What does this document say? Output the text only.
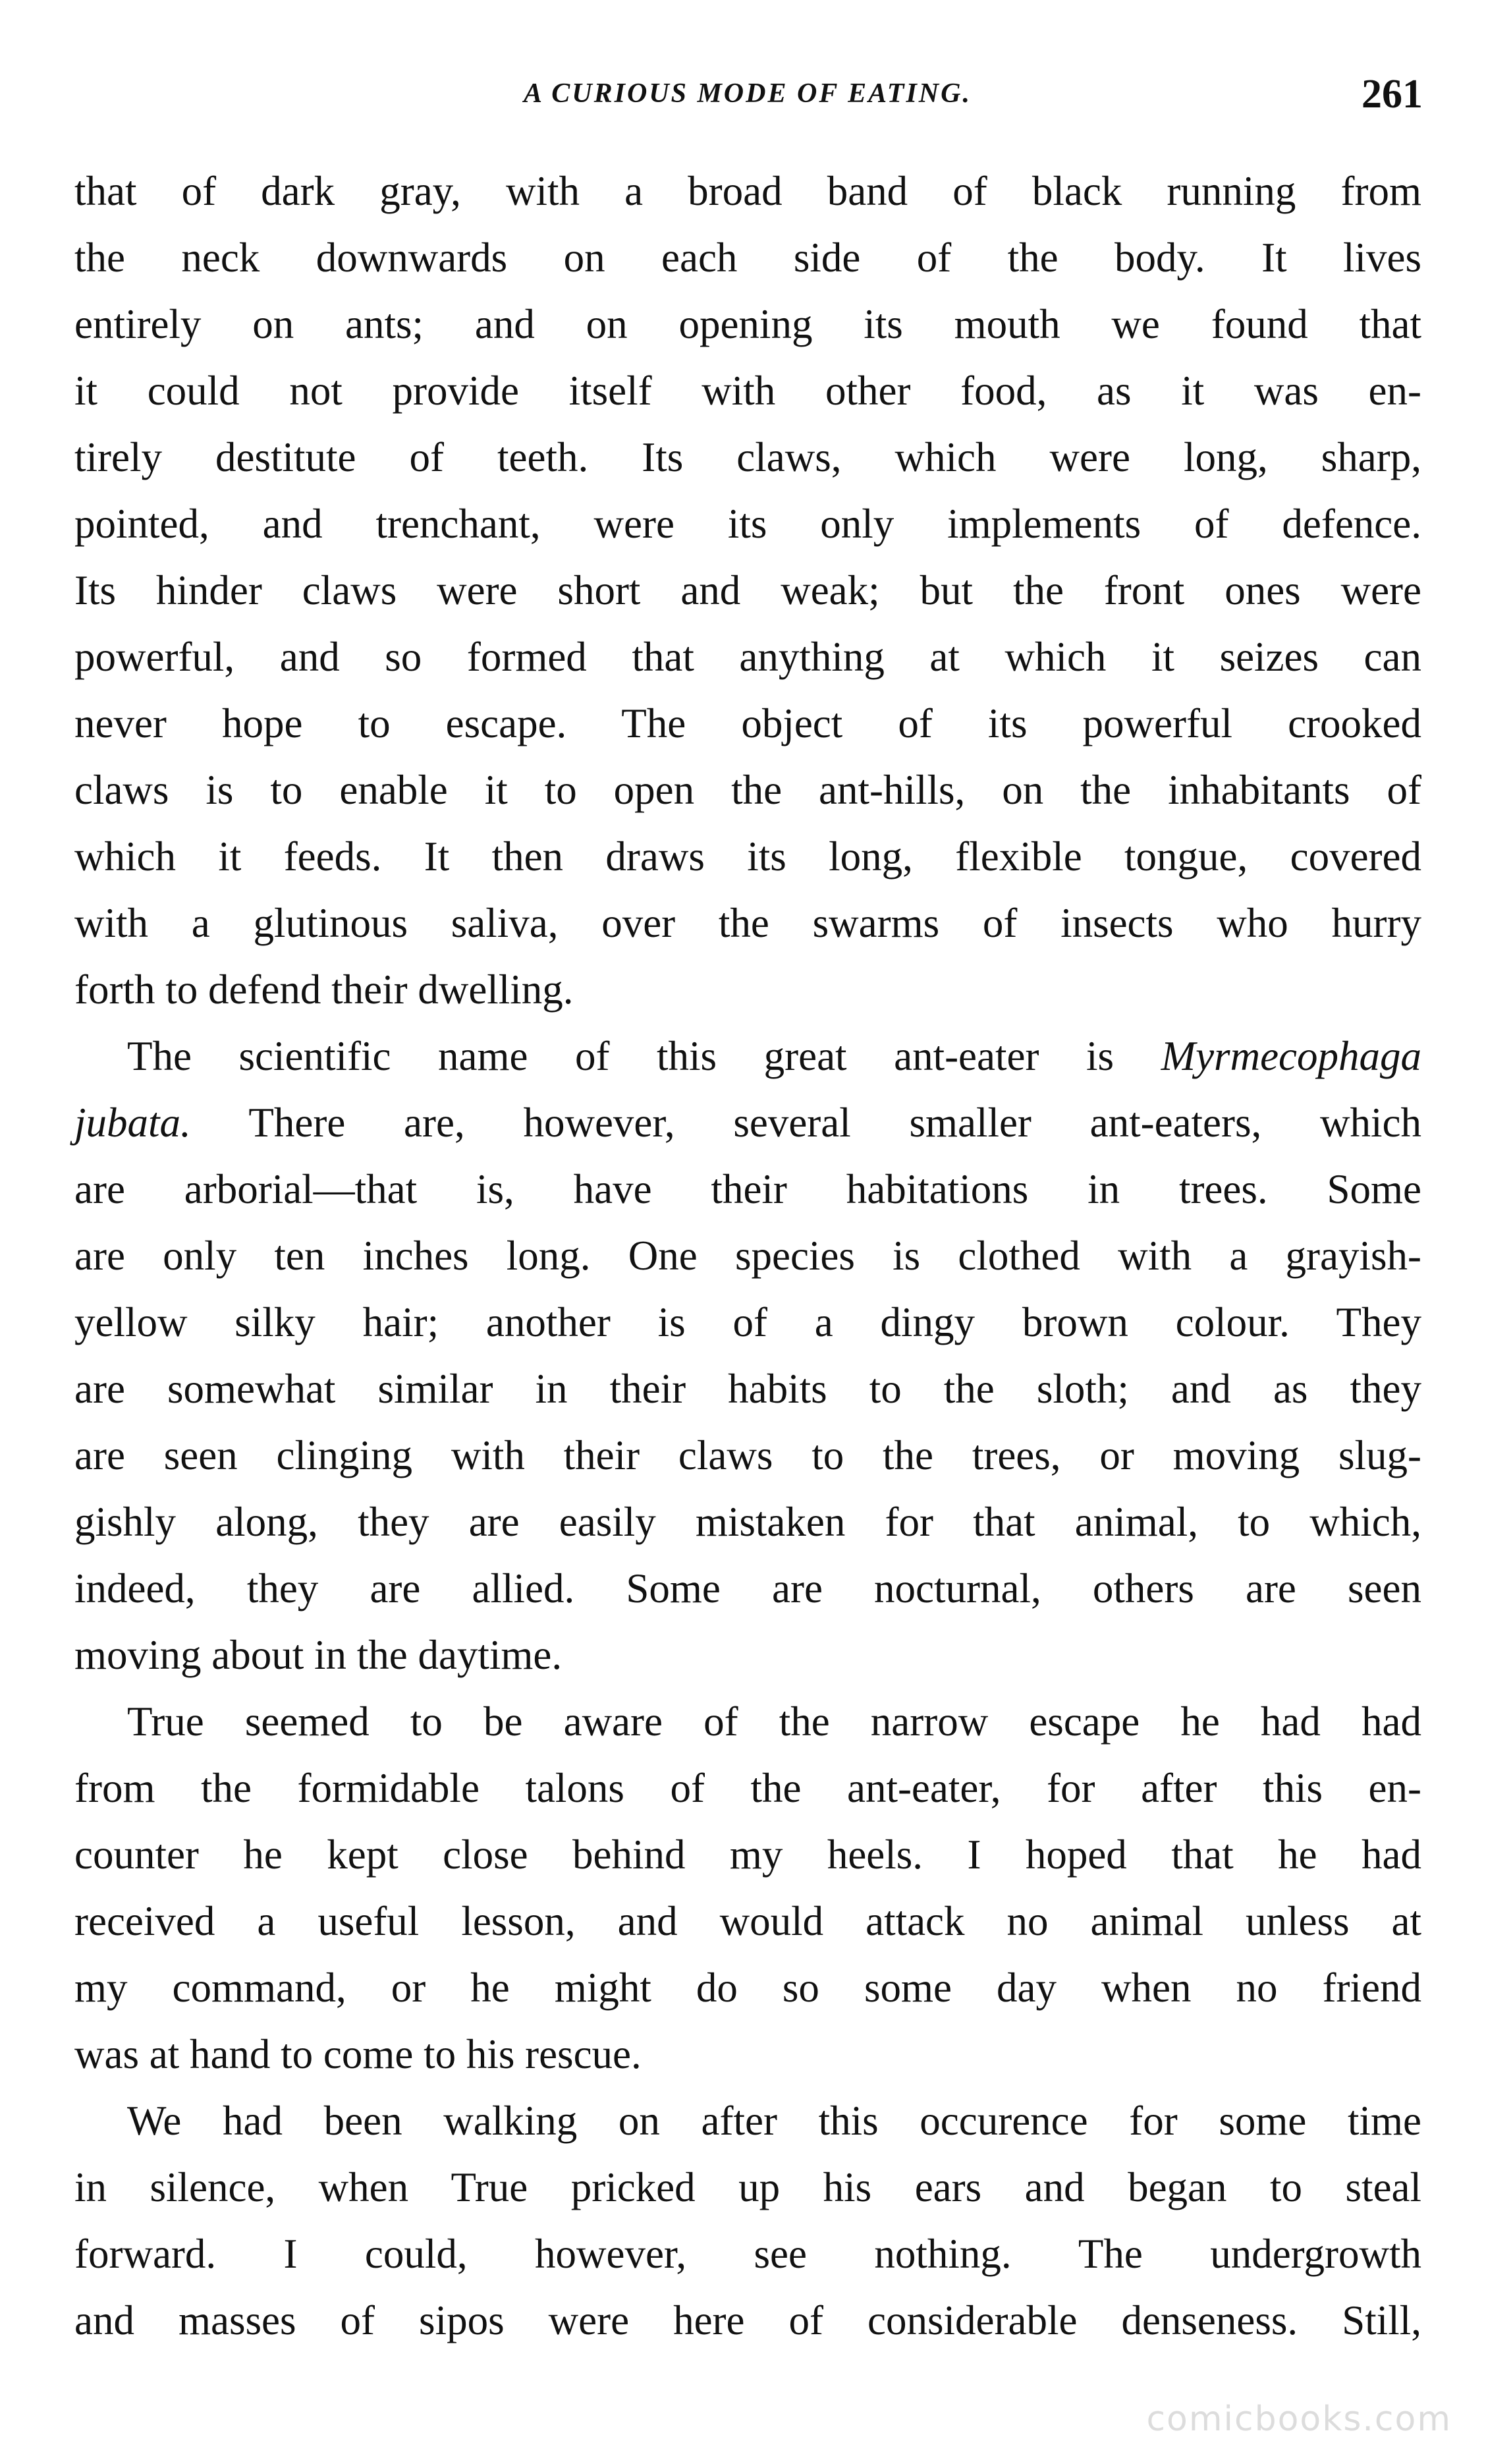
A CURIOUS MODE OF EATING.	261
that of dark gray, with a broad band of black running from
the neck downwards on each side of the body. It lives
entirely on ants; and on opening its mouth we found that
it could not provide itself with other food, as it was en-
tirely destitute of teeth. Its claws, which were long, sharp,
pointed, and trenchant, were its only implements of defence.
Its hinder claws were short and weak; but the front ones were
powerful, and so formed that anything at which it seizes can
never hope to escape. The object of its powerful crooked
claws is to enable it to open the ant-hills, on the inhabitants of
which it feeds. It then draws its long, flexible tongue, covered
with a glutinous saliva, over the swarms of insects who hurry
forth to defend their dwelling.
The scientific name of this great ant-eater is Myrmecophaga
jubata. There are, however, several smaller ant-eaters, which
are arborial—that is, have their habitations in trees. Some
are only ten inches long. One species is clothed with a grayish-
yellow silky hair; another is of a dingy brown colour. They
are somewhat similar in their habits to the sloth; and as they
are seen clinging with their claws to the trees, or moving slug-
gishly along, they are easily mistaken for that animal, to which,
indeed, they are allied. Some are nocturnal, others are seen
moving about in the daytime.
True seemed to be aware of the narrow escape he had had
from the formidable talons of the ant-eater, for after this en-
counter he kept close behind my heels. I hoped that he had
received a useful lesson, and would attack no animal unless at
my command, or he might do so some day when no friend
was at hand to come to his rescue.
We had been walking on after this occurence for some time
in silence, when True pricked up his ears and began to steal
forward. I could, however, see nothing. The undergrowth
and masses of sipos were here of considerable denseness. Still,
comicbooks.com
